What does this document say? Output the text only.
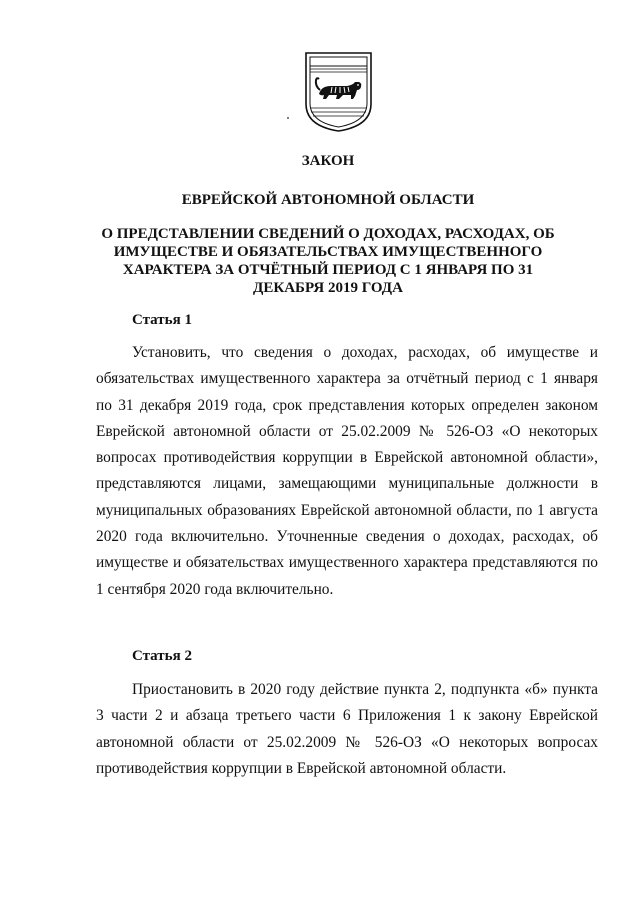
ЗАКОН
ЕВРЕЙСКОЙ АВТОНОМНОЙ ОБЛАСТИ
О ПРЕДСТАВЛЕНИИ СВЕДЕНИЙ О ДОХОДАХ, РАСХОДАХ, ОБ ИМУЩЕСТВЕ И ОБЯЗАТЕЛЬСТВАХ ИМУЩЕСТВЕННОГО ХАРАКТЕРА ЗА ОТЧЁТНЫЙ ПЕРИОД С 1 ЯНВАРЯ ПО 31 ДЕКАБРЯ 2019 ГОДА
Статья 1

Установить, что сведения о доходах, расходах, об имуществе и обязательствах имущественного характера за отчётный период с 1 января по 31 декабря 2019 года, срок представления которых определен законом Еврейской автономной области от 25.02.2009 № 526-ОЗ «О некоторых вопросах противодействия коррупции в Еврейской автономной области», представляются лицами, замещающими муниципальные должности в муниципальных образованиях Еврейской автономной области, по 1 августа 2020 года включительно. Уточненные сведения о доходах, расходах, об имуществе и обязательствах имущественного характера представляются по 1 сентября 2020 года включительно.

Статья 2

Приостановить в 2020 году действие пункта 2, подпункта «б» пункта 3 части 2 и абзаца третьего части 6 Приложения 1 к закону Еврейской автономной области от 25.02.2009 № 526-ОЗ «О некоторых вопросах противодействия коррупции в Еврейской автономной области.
